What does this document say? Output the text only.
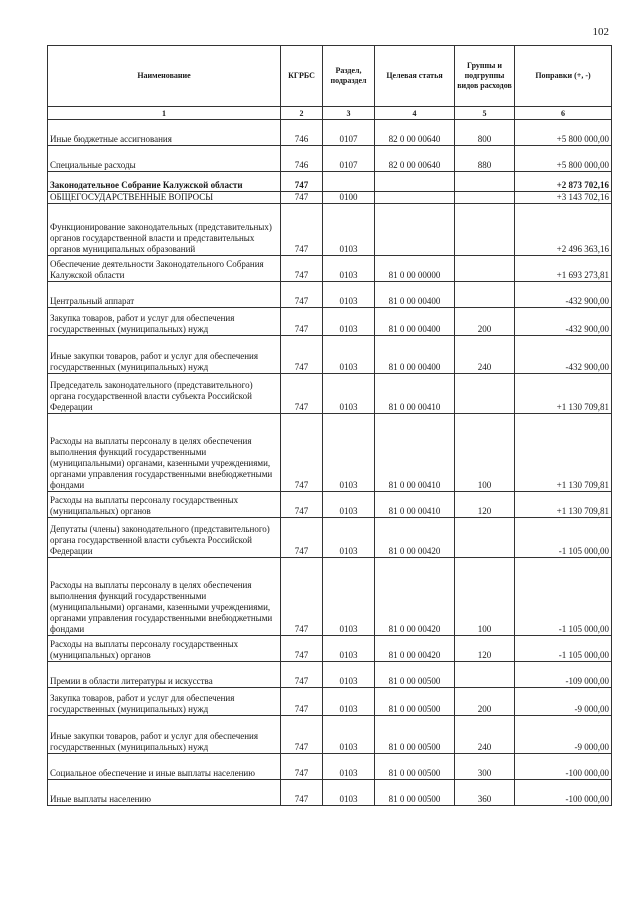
102
Наименование	КГРБС	Раздел, подраздел	Целевая статья	Группы и подгруппы видов расходов	Поправки (+, -)
1	2	3	4	5	6
Иные бюджетные ассигнования	746	0107	82 0 00 00640	800	+5 800 000,00
Специальные расходы	746	0107	82 0 00 00640	880	+5 800 000,00
Законодательное Собрание Калужской области	747				+2 873 702,16
ОБЩЕГОСУДАРСТВЕННЫЕ ВОПРОСЫ	747	0100			+3 143 702,16
Функционирование законодательных (представительных) органов государственной власти и представительных органов муниципальных образований	747	0103			+2 496 363,16
Обеспечение деятельности Законодательного Собрания Калужской области	747	0103	81 0 00 00000		+1 693 273,81
Центральный аппарат	747	0103	81 0 00 00400		-432 900,00
Закупка товаров, работ и услуг для обеспечения государственных (муниципальных) нужд	747	0103	81 0 00 00400	200	-432 900,00
Иные закупки товаров, работ и услуг для обеспечения государственных (муниципальных) нужд	747	0103	81 0 00 00400	240	-432 900,00
Председатель законодательного (представительного) органа государственной власти субъекта Российской Федерации	747	0103	81 0 00 00410		+1 130 709,81
Расходы на выплаты персоналу в целях обеспечения выполнения функций государственными (муниципальными) органами, казенными учреждениями, органами управления государственными внебюджетными фондами	747	0103	81 0 00 00410	100	+1 130 709,81
Расходы на выплаты персоналу государственных (муниципальных) органов	747	0103	81 0 00 00410	120	+1 130 709,81
Депутаты (члены) законодательного (представительного) органа государственной власти субъекта Российской Федерации	747	0103	81 0 00 00420		-1 105 000,00
Расходы на выплаты персоналу в целях обеспечения выполнения функций государственными (муниципальными) органами, казенными учреждениями, органами управления государственными внебюджетными фондами	747	0103	81 0 00 00420	100	-1 105 000,00
Расходы на выплаты персоналу государственных (муниципальных) органов	747	0103	81 0 00 00420	120	-1 105 000,00
Премии в области литературы и искусства	747	0103	81 0 00 00500		-109 000,00
Закупка товаров, работ и услуг для обеспечения государственных (муниципальных) нужд	747	0103	81 0 00 00500	200	-9 000,00
Иные закупки товаров, работ и услуг для обеспечения государственных (муниципальных) нужд	747	0103	81 0 00 00500	240	-9 000,00
Социальное обеспечение и иные выплаты населению	747	0103	81 0 00 00500	300	-100 000,00
Иные выплаты населению	747	0103	81 0 00 00500	360	-100 000,00
